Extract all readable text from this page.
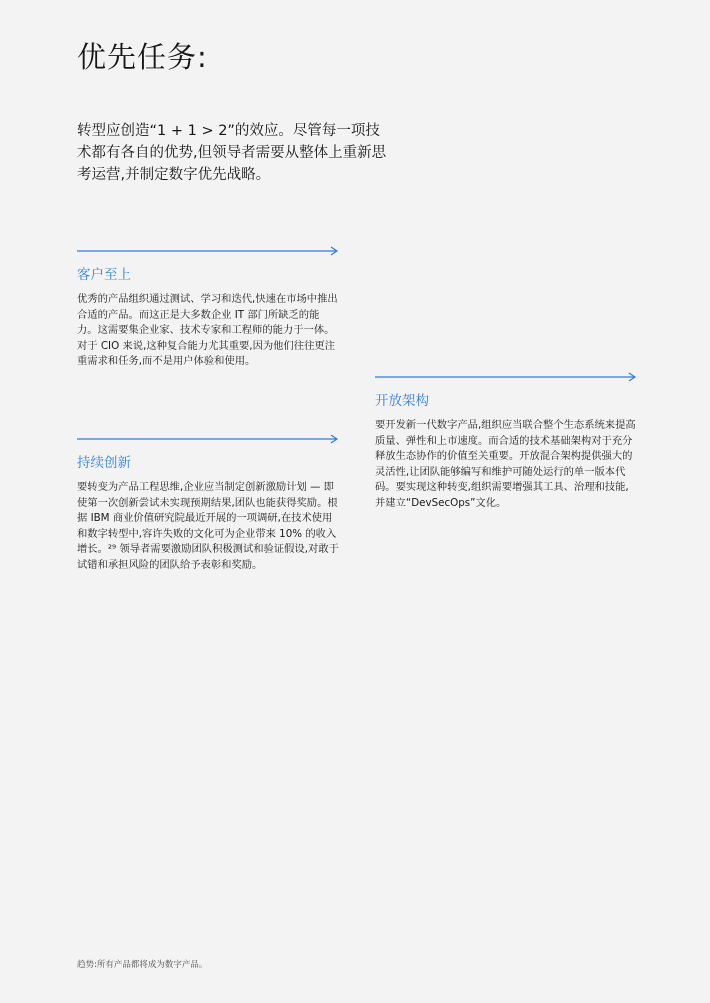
优先任务:

转型应创造“1 + 1 > 2”的效应。尽管每一项技术都有各自的优势,但领导者需要从整体上重新思考运营,并制定数字优先战略。

客户至上

优秀的产品组织通过测试、学习和迭代,快速在市场中推出合适的产品。而这正是大多数企业 IT 部门所缺乏的能力。这需要集企业家、技术专家和工程师的能力于一体。对于 CIO 来说,这种复合能力尤其重要,因为他们往往更注重需求和任务,而不是用户体验和使用。

持续创新

要转变为产品工程思维,企业应当制定创新激励计划 — 即使第一次创新尝试未实现预期结果,团队也能获得奖励。根据 IBM 商业价值研究院最近开展的一项调研,在技术使用和数字转型中,容许失败的文化可为企业带来 10% 的收入增长。²⁹ 领导者需要激励团队积极测试和验证假设,对敢于试错和承担风险的团队给予表彰和奖励。

开放架构

要开发新一代数字产品,组织应当联合整个生态系统来提高质量、弹性和上市速度。而合适的技术基础架构对于充分释放生态协作的价值至关重要。开放混合架构提供强大的灵活性,让团队能够编写和维护可随处运行的单一版本代码。要实现这种转变,组织需要增强其工具、治理和技能,并建立“DevSecOps”文化。

趋势:所有产品都将成为数字产品。
